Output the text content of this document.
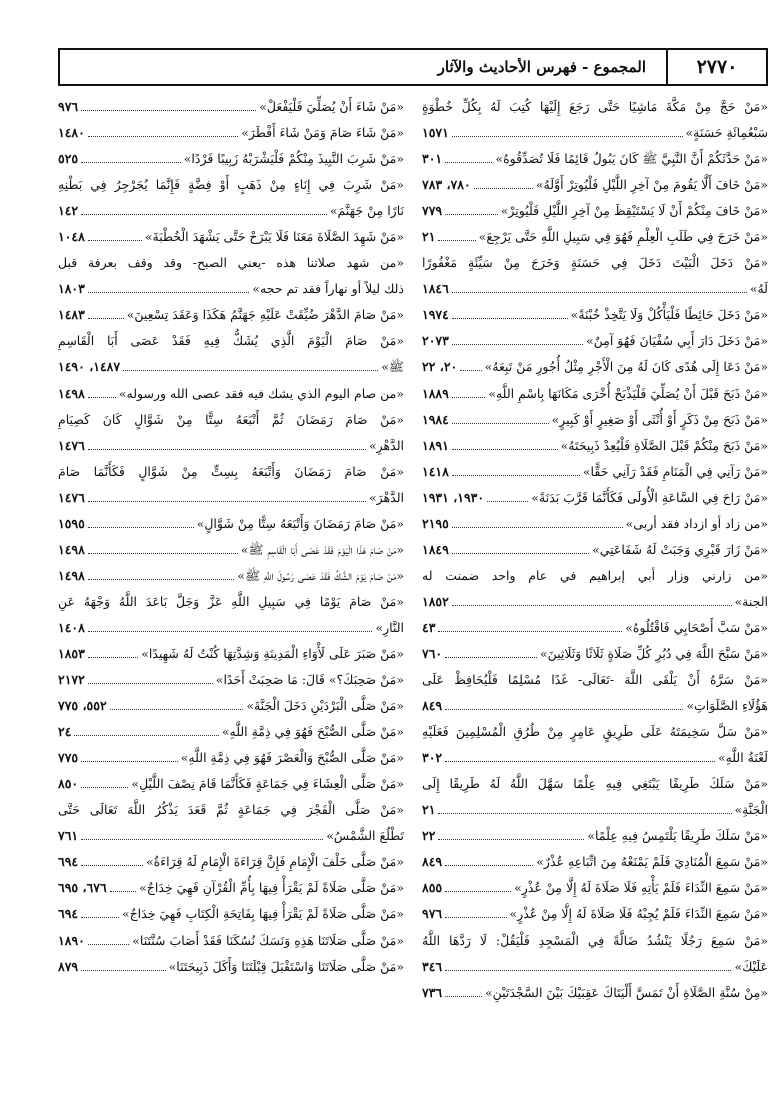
٢٧٧٠
المجموع - فهرس الأحاديث والآثار
«مَنْ حَجَّ مِنْ مَكَّةَ مَاشِيًا حَتَّى رَجَعَ إِلَيْهَا كُتِبَ لَهُ بِكُلِّ خُطْوَةٍ
سَبْعُمِائَةِ حَسَنَةٍ»
١٥٧١
«مَنْ حَدَّثَكُمْ أَنَّ النَّبِيَّ ﷺ كَانَ يَبُولُ قَائِمًا فَلَا تُصَدِّقُوهُ»
٣٠١
«مَنْ خَافَ أَلَّا يَقُومَ مِنْ آخِرِ اللَّيْلِ فَلْيُوتِرْ أَوَّلَهُ»
٧٨٠، ٧٨٣
«مَنْ خَافَ مِنْكُمْ أَنْ لَا يَسْتَيْقِظَ مِنْ آخِرِ اللَّيْلِ فَلْيُوتِرْ»
٧٧٩
«مَنْ خَرَجَ فِي طَلَبِ الْعِلْمِ فَهُوَ فِي سَبِيلِ اللَّهِ حَتَّى يَرْجِعَ»
٢١
«مَنْ دَخَلَ الْبَيْتَ دَخَلَ فِي حَسَنَةٍ وَخَرَجَ مِنْ سَيِّئَةٍ مَغْفُورًا
لَهُ»
١٨٤٦
«مَنْ دَخَلَ حَائِطًا فَلْيَأْكُلْ وَلَا يَتَّخِذْ خُبْنَةً»
١٩٧٤
«مَنْ دَخَلَ دَارَ أَبِي سُفْيَانَ فَهُوَ آمِنٌ»
٢٠٧٣
«مَنْ دَعَا إِلَى هُدًى كَانَ لَهُ مِنَ الْأَجْرِ مِثْلُ أُجُورِ مَنْ تَبِعَهُ»
٢٠، ٢٢
«مَنْ ذَبَحَ قَبْلَ أَنْ يُصَلِّيَ فَلْيَذْبَحْ أُخْرَى مَكَانَهَا بِاسْمِ اللَّهِ»
١٨٨٩
«مَنْ ذَبَحَ مِنْ ذَكَرٍ أَوْ أُنْثَى أَوْ صَغِيرٍ أَوْ كَبِيرٍ»
١٩٨٤
«مَنْ ذَبَحَ مِنْكُمْ قَبْلَ الصَّلَاةِ فَلْيُعِدْ ذَبِيحَتَهُ»
١٨٩١
«مَنْ رَآنِي فِي الْمَنَامِ فَقَدْ رَآنِي حَقًّا»
١٤١٨
«مَنْ رَاحَ فِي السَّاعَةِ الْأُولَى فَكَأَنَّمَا قَرَّبَ بَدَنَةً»
١٩٣٠، ١٩٣١
«من زاد أو ازداد فقد أربى»
٢١٩٥
«مَنْ زَارَ قَبْرِي وَجَبَتْ لَهُ شَفَاعَتِي»
١٨٤٩
«من زارني وزار أبي إبراهيم في عام واحد ضمنت له
الجنة»
١٨٥٢
«مَنْ سَبَّ أَصْحَابِي فَاقْتُلُوهُ»
٤٣
«مَنْ سَبَّحَ اللَّهَ فِي دُبُرِ كُلِّ صَلَاةٍ ثَلَاثًا وَثَلَاثِينَ»
٧٦٠
«مَنْ سَرَّهُ أَنْ يَلْقَى اللَّهَ -تَعَالَى- غَدًا مُسْلِمًا فَلْيُحَافِظْ عَلَى
هَؤُلَاءِ الصَّلَوَاتِ»
٨٤٩
«مَنْ سَلَّ سَخِيمَتَهُ عَلَى طَرِيقٍ عَامِرٍ مِنْ طُرُقِ الْمُسْلِمِينَ فَعَلَيْهِ
لَعْنَةُ اللَّهِ»
٣٠٢
«مَنْ سَلَكَ طَرِيقًا يَبْتَغِي فِيهِ عِلْمًا سَهَّلَ اللَّهُ لَهُ طَرِيقًا إِلَى
الْجَنَّةِ»
٢١
«مَنْ سَلَكَ طَرِيقًا يَلْتَمِسُ فِيهِ عِلْمًا»
٢٢
«مَنْ سَمِعَ الْمُنَادِيَ فَلَمْ يَمْنَعْهُ مِنَ اتِّبَاعِهِ عُذْرٌ»
٨٤٩
«مَنْ سَمِعَ النِّدَاءَ فَلَمْ يَأْتِهِ فَلَا صَلَاةَ لَهُ إِلَّا مِنْ عُذْرٍ»
٨٥٥
«مَنْ سَمِعَ النِّدَاءَ فَلَمْ يُجِبْهُ فَلَا صَلَاةَ لَهُ إِلَّا مِنْ عُذْرٍ»
٩٧٦
«مَنْ سَمِعَ رَجُلًا يَنْشُدُ ضَالَّةً فِي الْمَسْجِدِ فَلْيَقُلْ: لَا رَدَّهَا اللَّهُ
عَلَيْكَ»
٣٤٦
«مِنْ سُنَّةِ الصَّلَاةِ أَنْ تَمَسَّ أَلْيَتَاكَ عَقِبَيْكَ بَيْنَ السَّجْدَتَيْنِ»
٧٣٦
«مَنْ شَاءَ أَنْ يُصَلِّيَ فَلْيَفْعَلْ»
٩٧٦
«مَنْ شَاءَ صَامَ وَمَنْ شَاءَ أَفْطَرَ»
١٤٨٠
«مَنْ شَرِبَ النَّبِيذَ مِنْكُمْ فَلْيَشْرَبْهُ زَبِيبًا فَرْدًا»
٥٢٥
«مَنْ شَرِبَ فِي إِنَاءٍ مِنْ ذَهَبٍ أَوْ فِضَّةٍ فَإِنَّمَا يُجَرْجِرُ فِي بَطْنِهِ
نَارًا مِنْ جَهَنَّمَ»
١٤٢
«مَنْ شَهِدَ الصَّلَاةَ مَعَنَا فَلَا يَبْرَحْ حَتَّى يَشْهَدَ الْخُطْبَةَ»
١٠٤٨
«من شهد صلاتنا هذه -يعني الصبح- وقد وقف بعرفة قبل
ذلك ليلاً أو نهاراً فقد تم حجه»
١٨٠٣
«مَنْ صَامَ الدَّهْرَ ضُيِّقَتْ عَلَيْهِ جَهَنَّمُ هَكَذَا وَعَقَدَ تِسْعِينَ»
١٤٨٣
«مَنْ صَامَ الْيَوْمَ الَّذِي يُشَكُّ فِيهِ فَقَدْ عَصَى أَبَا الْقَاسِمِ
ﷺ»
١٤٨٧، ١٤٩٠
«من صام اليوم الذي يشك فيه فقد عصى الله ورسوله»
١٤٩٨
«مَنْ صَامَ رَمَضَانَ ثُمَّ أَتْبَعَهُ سِتًّا مِنْ شَوَّالٍ كَانَ كَصِيَامِ
الدَّهْرِ»
١٤٧٦
«مَنْ صَامَ رَمَضَانَ وَأَتْبَعَهُ بِسِتٍّ مِنْ شَوَّالٍ فَكَأَنَّمَا صَامَ
الدَّهْرَ»
١٤٧٦
«مَنْ صَامَ رَمَضَانَ وَأَتْبَعَهُ سِتًّا مِنْ شَوَّالٍ»
١٥٩٥
«مَنْ صَامَ هَذَا الْيَوْمَ فَقَدْ عَصَى أَبَا الْقَاسِمِ ﷺ»
١٤٩٨
«مَنْ صَامَ يَوْمَ الشَّكِّ فَقَدْ عَصَى رَسُولَ اللَّهِ ﷺ»
١٤٩٨
«مَنْ صَامَ يَوْمًا فِي سَبِيلِ اللَّهِ عَزَّ وَجَلَّ بَاعَدَ اللَّهُ وَجْهَهُ عَنِ
النَّارِ»
١٤٠٨
«مَنْ صَبَرَ عَلَى لَأْوَاءِ الْمَدِينَةِ وَشِدَّتِهَا كُنْتُ لَهُ شَهِيدًا»
١٨٥٣
«مَنْ صَحِبَكَ؟» قَالَ: مَا صَحِبَتْ أَحَدًا»
٢١٧٢
«مَنْ صَلَّى الْبَرْدَيْنِ دَخَلَ الْجَنَّةَ»
٥٥٢، ٧٧٥
«مَنْ صَلَّى الصُّبْحَ فَهُوَ فِي ذِمَّةِ اللَّهِ»
٢٤
«مَنْ صَلَّى الصُّبْحَ وَالْعَصْرَ فَهُوَ فِي ذِمَّةِ اللَّهِ»
٧٧٥
«مَنْ صَلَّى الْعِشَاءَ فِي جَمَاعَةٍ فَكَأَنَّمَا قَامَ نِصْفَ اللَّيْلِ»
٨٥٠
«مَنْ صَلَّى الْفَجْرَ فِي جَمَاعَةٍ ثُمَّ قَعَدَ يَذْكُرُ اللَّهَ تَعَالَى حَتَّى
تَطْلُعَ الشَّمْسُ»
٧٦١
«مَنْ صَلَّى خَلْفَ الْإِمَامِ فَإِنَّ قِرَاءَةَ الْإِمَامِ لَهُ قِرَاءَةٌ»
٦٩٤
«مَنْ صَلَّى صَلَاةً لَمْ يَقْرَأْ فِيهَا بِأُمِّ الْقُرْآنِ فَهِيَ خِدَاجٌ»
٦٧٦، ٦٩٥
«مَنْ صَلَّى صَلَاةً لَمْ يَقْرَأْ فِيهَا بِفَاتِحَةِ الْكِتَابِ فَهِيَ خِدَاجٌ»
٦٩٤
«مَنْ صَلَّى صَلَاتَنَا هَذِهِ وَنَسَكَ نُسُكَنَا فَقَدْ أَصَابَ سُنَّتَنَا»
١٨٩٠
«مَنْ صَلَّى صَلَاتَنَا وَاسْتَقْبَلَ قِبْلَتَنَا وَأَكَلَ ذَبِيحَتَنَا»
٨٧٩
